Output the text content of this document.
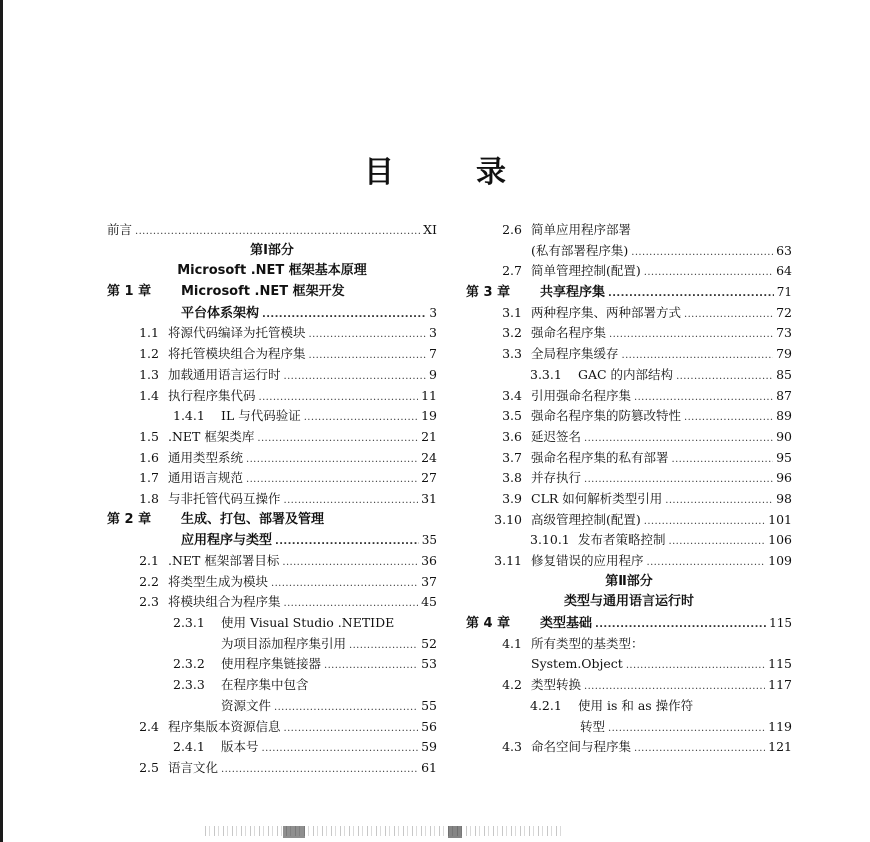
目	录
前言 .....	XI
第Ⅰ部分
Microsoft .NET 框架基本原理
第 1 章	Microsoft .NET 框架开发
平台体系架构 .....	3
1.1 将源代码编译为托管模块 .....	3
1.2 将托管模块组合为程序集 .....	7
1.3 加载通用语言运行时 .....	9
1.4 执行程序集代码 .....	11
1.4.1	IL 与代码验证 .....	19
1.5 .NET 框架类库 .....	21
1.6 通用类型系统 .....	24
1.7 通用语言规范 .....	27
1.8 与非托管代码互操作 .....	31
第 2 章	生成、打包、部署及管理
应用程序与类型 .....	35
2.1 .NET 框架部署目标 .....	36
2.2 将类型生成为模块 .....	37
2.3 将模块组合为程序集 .....	45
2.3.1	使用 Visual Studio .NETIDE
为项目添加程序集引用 .....	52
2.3.2	使用程序集链接器 .....	53
2.3.3	在程序集中包含
资源文件 .....	55
2.4 程序集版本资源信息 .....	56
2.4.1	版本号 .....	59
2.5 语言文化 .....	61
2.6 简单应用程序部署
(私有部署程序集) .....	63
2.7 简单管理控制(配置) .....	64
第 3 章	共享程序集 .....	71
3.1 两种程序集、两种部署方式 .....	72
3.2 强命名程序集 .....	73
3.3 全局程序集缓存 .....	79
3.3.1	GAC 的内部结构 .....	85
3.4 引用强命名程序集 .....	87
3.5 强命名程序集的防篡改特性 .....	89
3.6 延迟签名 .....	90
3.7 强命名程序集的私有部署 .....	95
3.8 并存执行 .....	96
3.9 CLR 如何解析类型引用 .....	98
3.10 高级管理控制(配置) .....	101
3.10.1 发布者策略控制 .....	106
3.11 修复错误的应用程序 .....	109
第Ⅱ部分
类型与通用语言运行时
第 4 章	类型基础 .....	115
4.1 所有类型的基类型：
System.Object .....	115
4.2 类型转换 .....	117
4.2.1	使用 is 和 as 操作符
转型 .....	119
4.3 命名空间与程序集 .....	121
